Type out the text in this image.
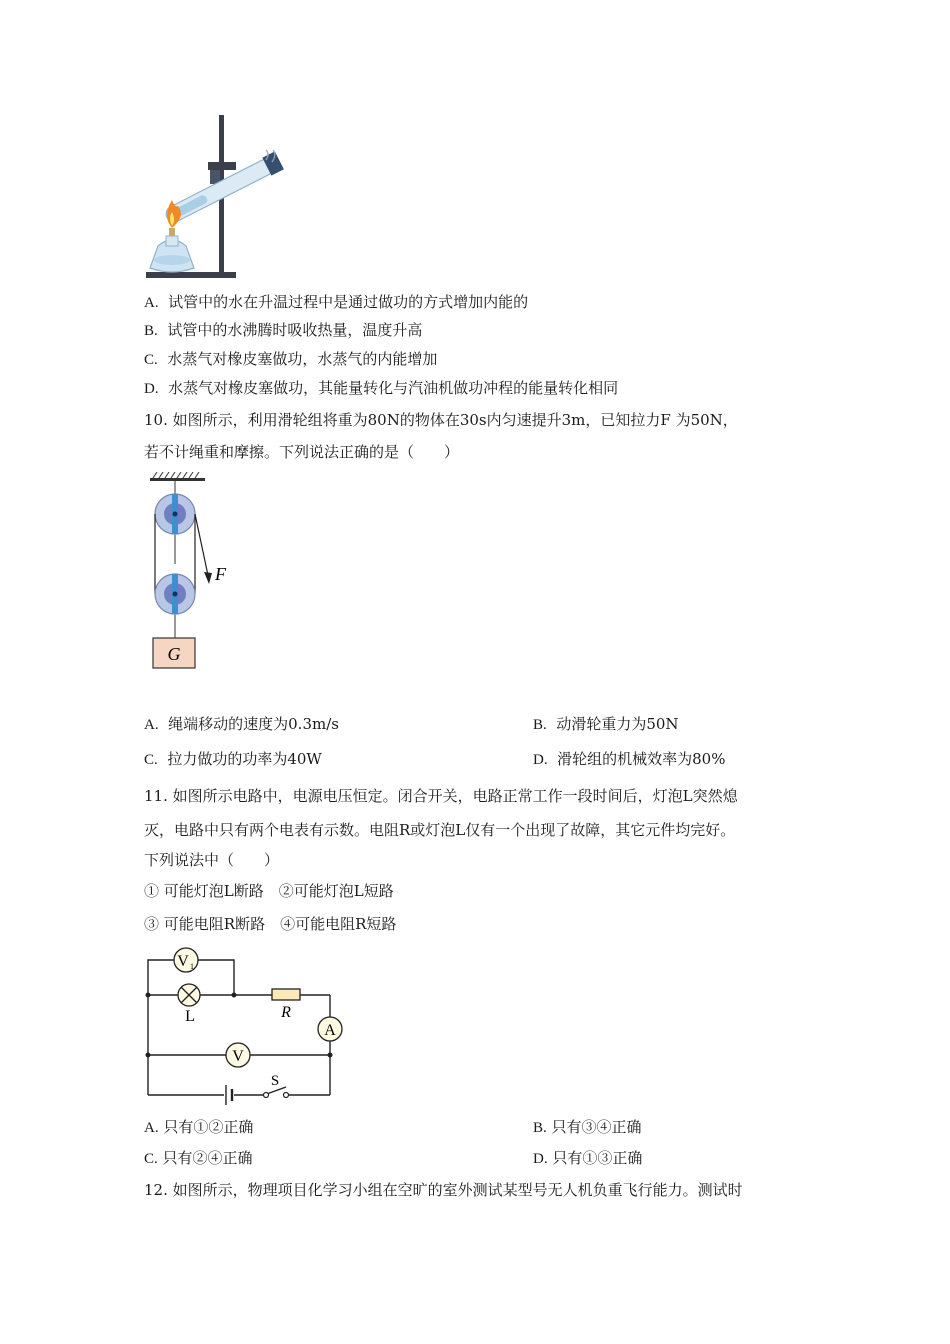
A. 试管中的水在升温过程中是通过做功的方式增加内能的
B. 试管中的水沸腾时吸收热量，温度升高
C. 水蒸气对橡皮塞做功，水蒸气的内能增加
D. 水蒸气对橡皮塞做功，其能量转化与汽油机做功冲程的能量转化相同
10. 如图所示，利用滑轮组将重为80N的物体在30s内匀速提升3m，已知拉力F 为50N，
若不计绳重和摩擦。下列说法正确的是（　　）
G
F
A. 绳端移动的速度为0.3m/s	B. 动滑轮重力为50N
C. 拉力做功的功率为40W	D. 滑轮组的机械效率为80%
11. 如图所示电路中，电源电压恒定。闭合开关，电路正常工作一段时间后，灯泡L突然熄
灭，电路中只有两个电表有示数。电阻R或灯泡L仅有一个出现了故障，其它元件均完好。
下列说法中（　　）
① 可能灯泡L断路　②可能灯泡L短路
③ 可能电阻R断路　④可能电阻R短路
V 1
L	R
A
V
S
A. 只有①②正确	B. 只有③④正确
C. 只有②④正确	D. 只有①③正确
12. 如图所示，物理项目化学习小组在空旷的室外测试某型号无人机负重飞行能力。测试时
